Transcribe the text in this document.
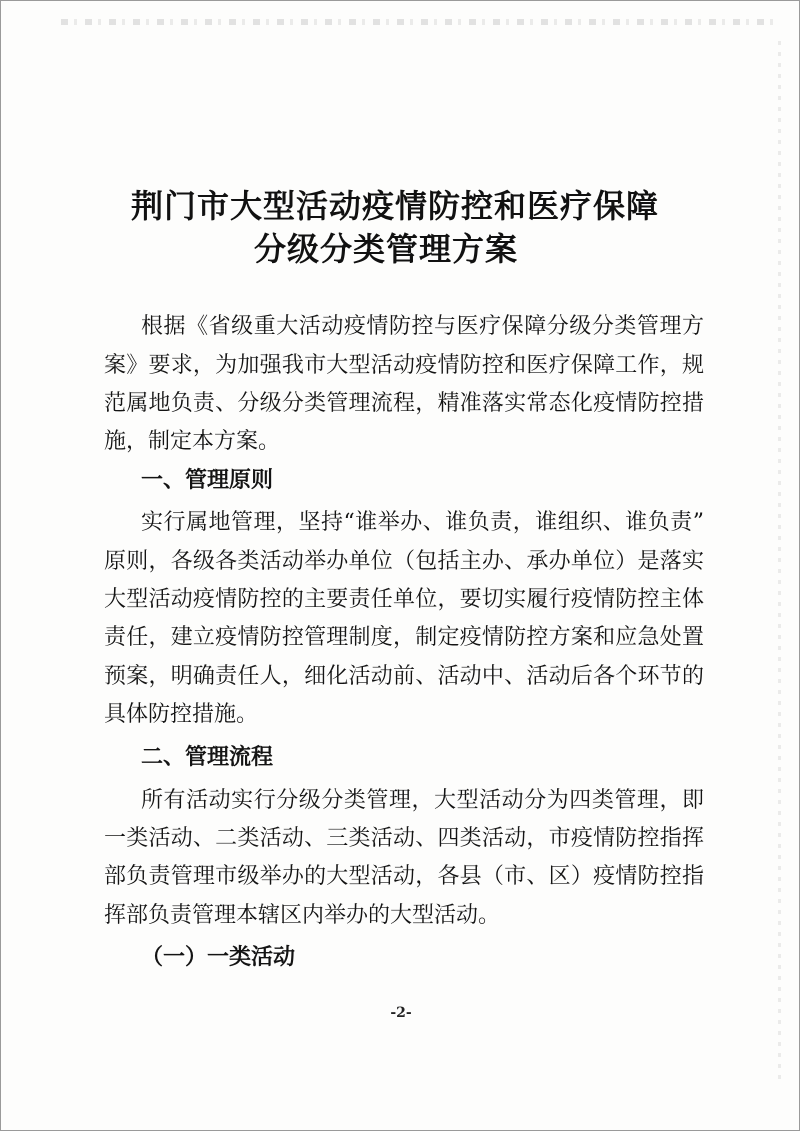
荆门市大型活动疫情防控和医疗保障
分级分类管理方案

根据《省级重大活动疫情防控与医疗保障分级分类管理方

案》要求，为加强我市大型活动疫情防控和医疗保障工作，规

范属地负责、分级分类管理流程，精准落实常态化疫情防控措

施，制定本方案。

一、管理原则

实行属地管理，坚持“谁举办、谁负责，谁组织、谁负责”

原则，各级各类活动举办单位（包括主办、承办单位）是落实

大型活动疫情防控的主要责任单位，要切实履行疫情防控主体

责任，建立疫情防控管理制度，制定疫情防控方案和应急处置

预案，明确责任人，细化活动前、活动中、活动后各个环节的

具体防控措施。

二、管理流程

所有活动实行分级分类管理，大型活动分为四类管理，即

一类活动、二类活动、三类活动、四类活动，市疫情防控指挥

部负责管理市级举办的大型活动，各县（市、区）疫情防控指

挥部负责管理本辖区内举办的大型活动。

（一）一类活动
-2-
